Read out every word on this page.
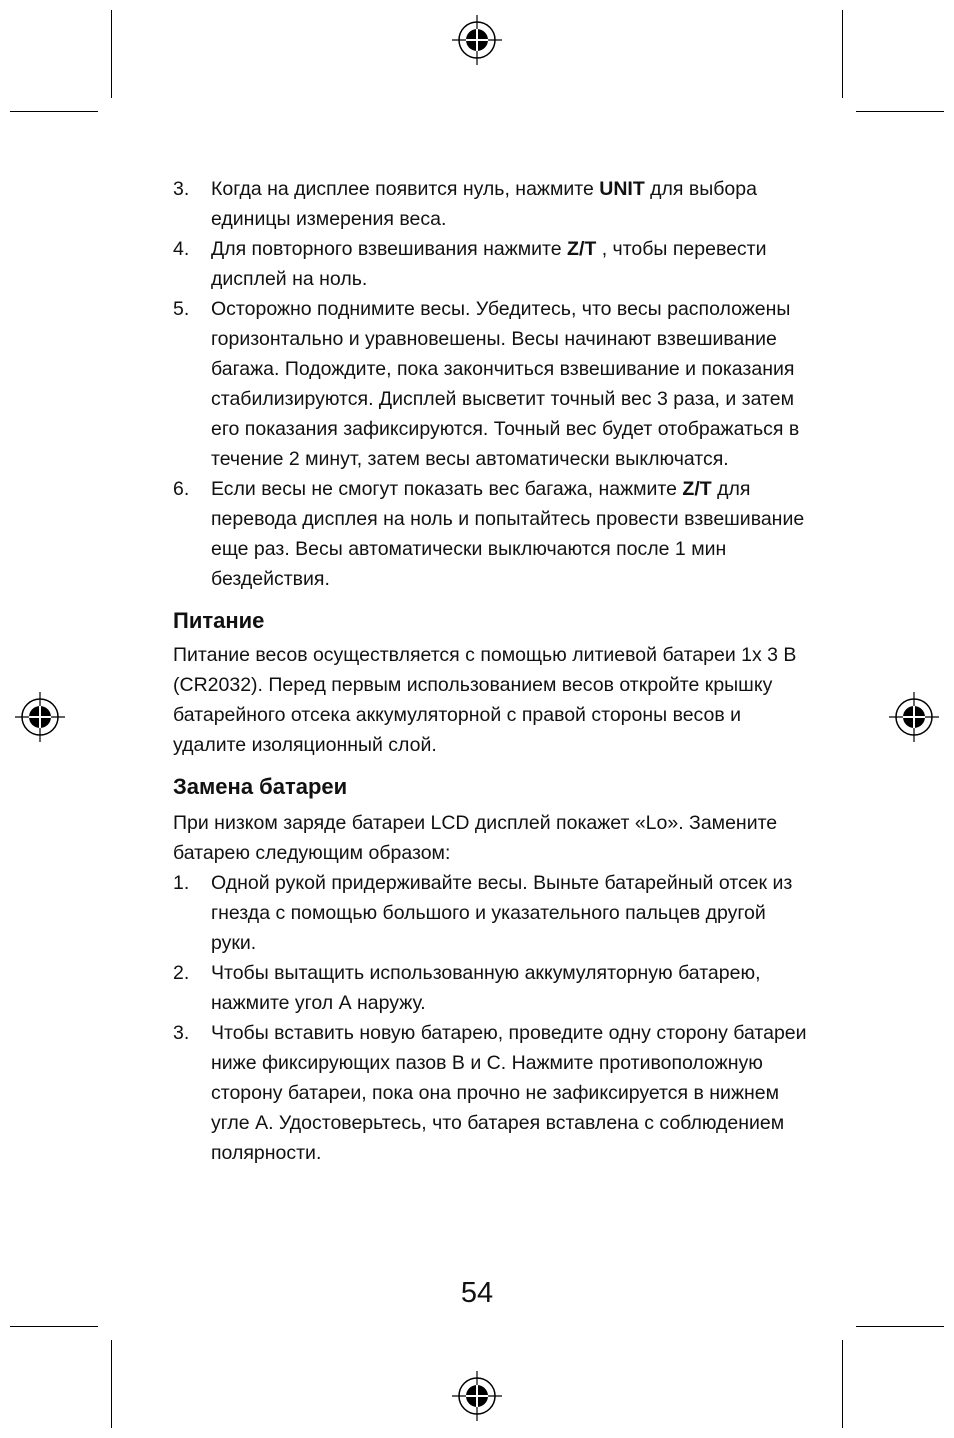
3. Когда на дисплее появится нуль, нажмите UNIT для выбора единицы измерения веса.
4. Для повторного взвешивания нажмите Z/T , чтобы перевести дисплей на ноль.
5. Осторожно поднимите весы. Убедитесь, что весы расположены горизонтально и уравновешены. Весы начинают взвешивание багажа. Подождите, пока закончиться взвешивание и показания стабилизируются. Дисплей высветит точный вес 3 раза, и затем его показания зафиксируются. Точный вес будет отображаться в течение 2 минут, затем весы автоматически выключатся.
6. Если весы не смогут показать вес багажа, нажмите Z/T для перевода дисплея на ноль и попытайтесь провести взвешивание еще раз. Весы автоматически выключаются после 1 мин бездействия.
Питание
Питание весов осуществляется с помощью литиевой батареи 1x 3 В (CR2032). Перед первым использованием весов откройте крышку батарейного отсека аккумуляторной с правой стороны весов и удалите изоляционный слой.
Замена батареи
При низком заряде батареи LCD дисплей покажет «Lo». Замените батарею следующим образом:
1. Одной рукой придерживайте весы. Выньте батарейный отсек из гнезда с помощью большого и указательного пальцев другой руки.
2. Чтобы вытащить использованную аккумуляторную батарею, нажмите угол А наружу.
3. Чтобы вставить новую батарею, проведите одну сторону батареи ниже фиксирующих пазов В и С. Нажмите противоположную сторону батареи, пока она прочно не зафиксируется в нижнем угле А. Удостоверьтесь, что батарея вставлена с соблюдением полярности.
54
